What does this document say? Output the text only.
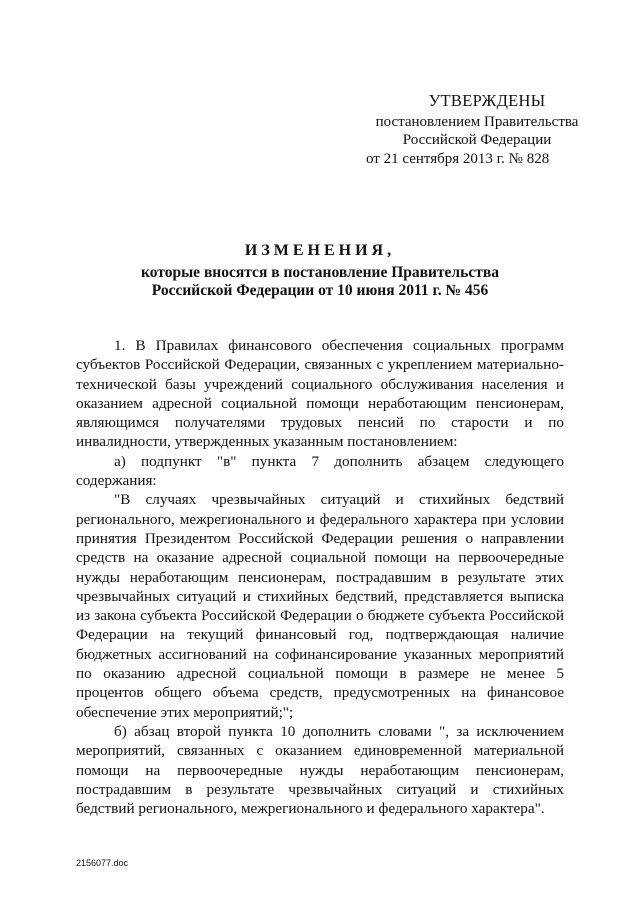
УТВЕРЖДЕНЫ
постановлением Правительства
Российской Федерации
от 21 сентября 2013 г. № 828
ИЗМЕНЕНИЯ,
которые вносятся в постановление Правительства
Российской Федерации от 10 июня 2011 г. № 456

1. В Правилах финансового обеспечения социальных программ субъектов Российской Федерации, связанных с укреплением материально-технической базы учреждений социального обслуживания населения и оказанием адресной социальной помощи неработающим пенсионерам, являющимся получателями трудовых пенсий по старости и по инвалидности, утвержденных указанным постановлением:

а) подпункт "в" пункта 7 дополнить абзацем следующего содержания:

"В случаях чрезвычайных ситуаций и стихийных бедствий регионального, межрегионального и федерального характера при условии принятия Президентом Российской Федерации решения о направлении средств на оказание адресной социальной помощи на первоочередные нужды неработающим пенсионерам, пострадавшим в результате этих чрезвычайных ситуаций и стихийных бедствий, представляется выписка из закона субъекта Российской Федерации о бюджете субъекта Российской Федерации на текущий финансовый год, подтверждающая наличие бюджетных ассигнований на софинансирование указанных мероприятий по оказанию адресной социальной помощи в размере не менее 5 процентов общего объема средств, предусмотренных на финансовое обеспечение этих мероприятий;";

б) абзац второй пункта 10 дополнить словами ", за исключением мероприятий, связанных с оказанием единовременной материальной помощи на первоочередные нужды неработающим пенсионерам, пострадавшим в результате чрезвычайных ситуаций и стихийных бедствий регионального, межрегионального и федерального характера".

2156077.doc
